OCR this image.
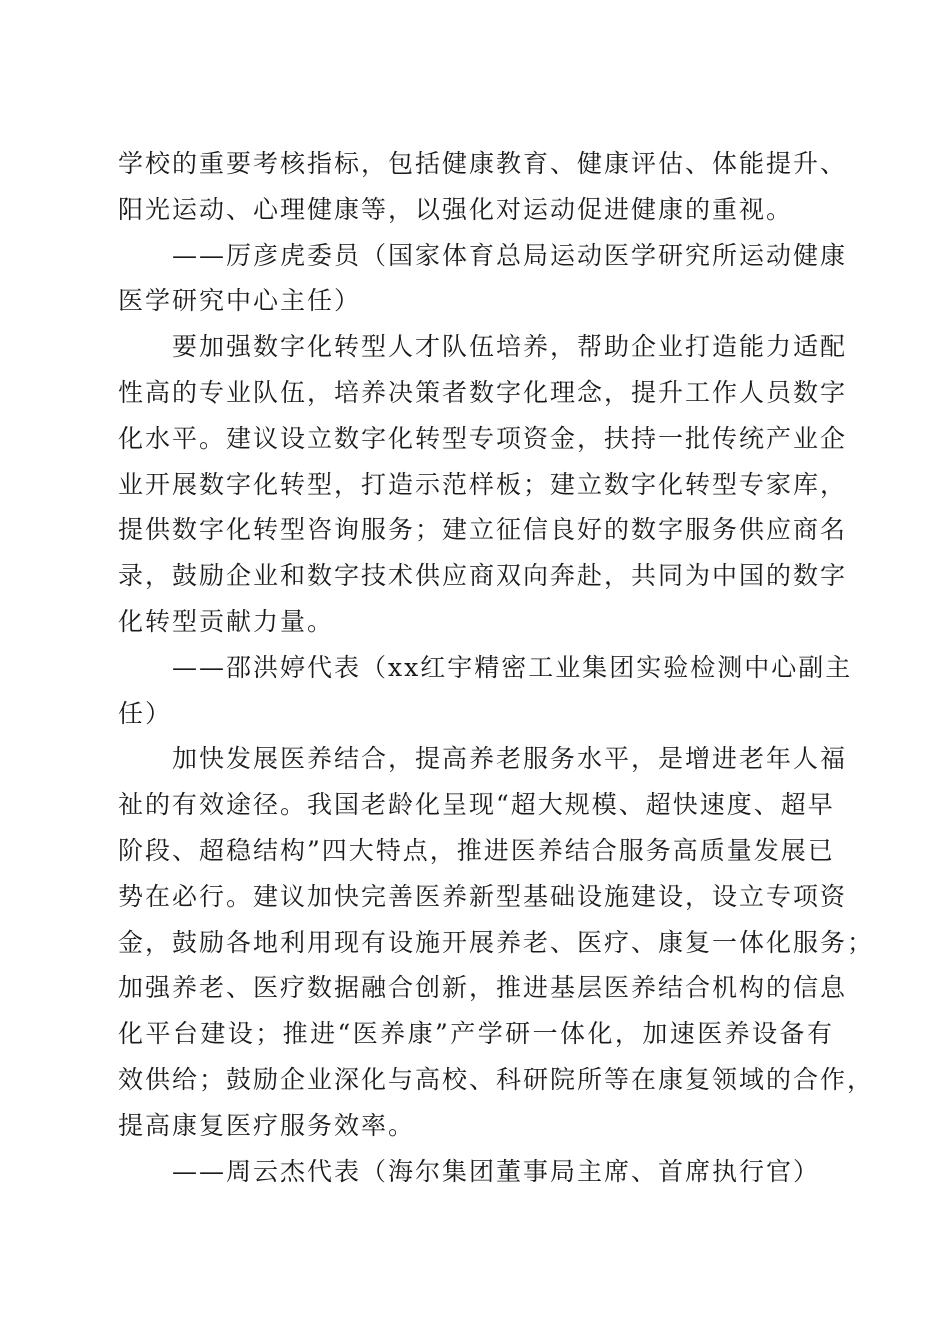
学校的重要考核指标，包括健康教育、健康评估、体能提升、
阳光运动、心理健康等，以强化对运动促进健康的重视。
——厉彦虎委员（国家体育总局运动医学研究所运动健康
医学研究中心主任）
要加强数字化转型人才队伍培养，帮助企业打造能力适配
性高的专业队伍，培养决策者数字化理念，提升工作人员数字
化水平。建议设立数字化转型专项资金，扶持一批传统产业企
业开展数字化转型，打造示范样板；建立数字化转型专家库，
提供数字化转型咨询服务；建立征信良好的数字服务供应商名
录，鼓励企业和数字技术供应商双向奔赴，共同为中国的数字
化转型贡献力量。
——邵洪婷代表（xx红宇精密工业集团实验检测中心副主
任）
加快发展医养结合，提高养老服务水平，是增进老年人福
祉的有效途径。我国老龄化呈现“超大规模、超快速度、超早
阶段、超稳结构”四大特点，推进医养结合服务高质量发展已
势在必行。建议加快完善医养新型基础设施建设，设立专项资
金，鼓励各地利用现有设施开展养老、医疗、康复一体化服务；
加强养老、医疗数据融合创新，推进基层医养结合机构的信息
化平台建设；推进“医养康”产学研一体化，加速医养设备有
效供给；鼓励企业深化与高校、科研院所等在康复领域的合作，
提高康复医疗服务效率。
——周云杰代表（海尔集团董事局主席、首席执行官）
